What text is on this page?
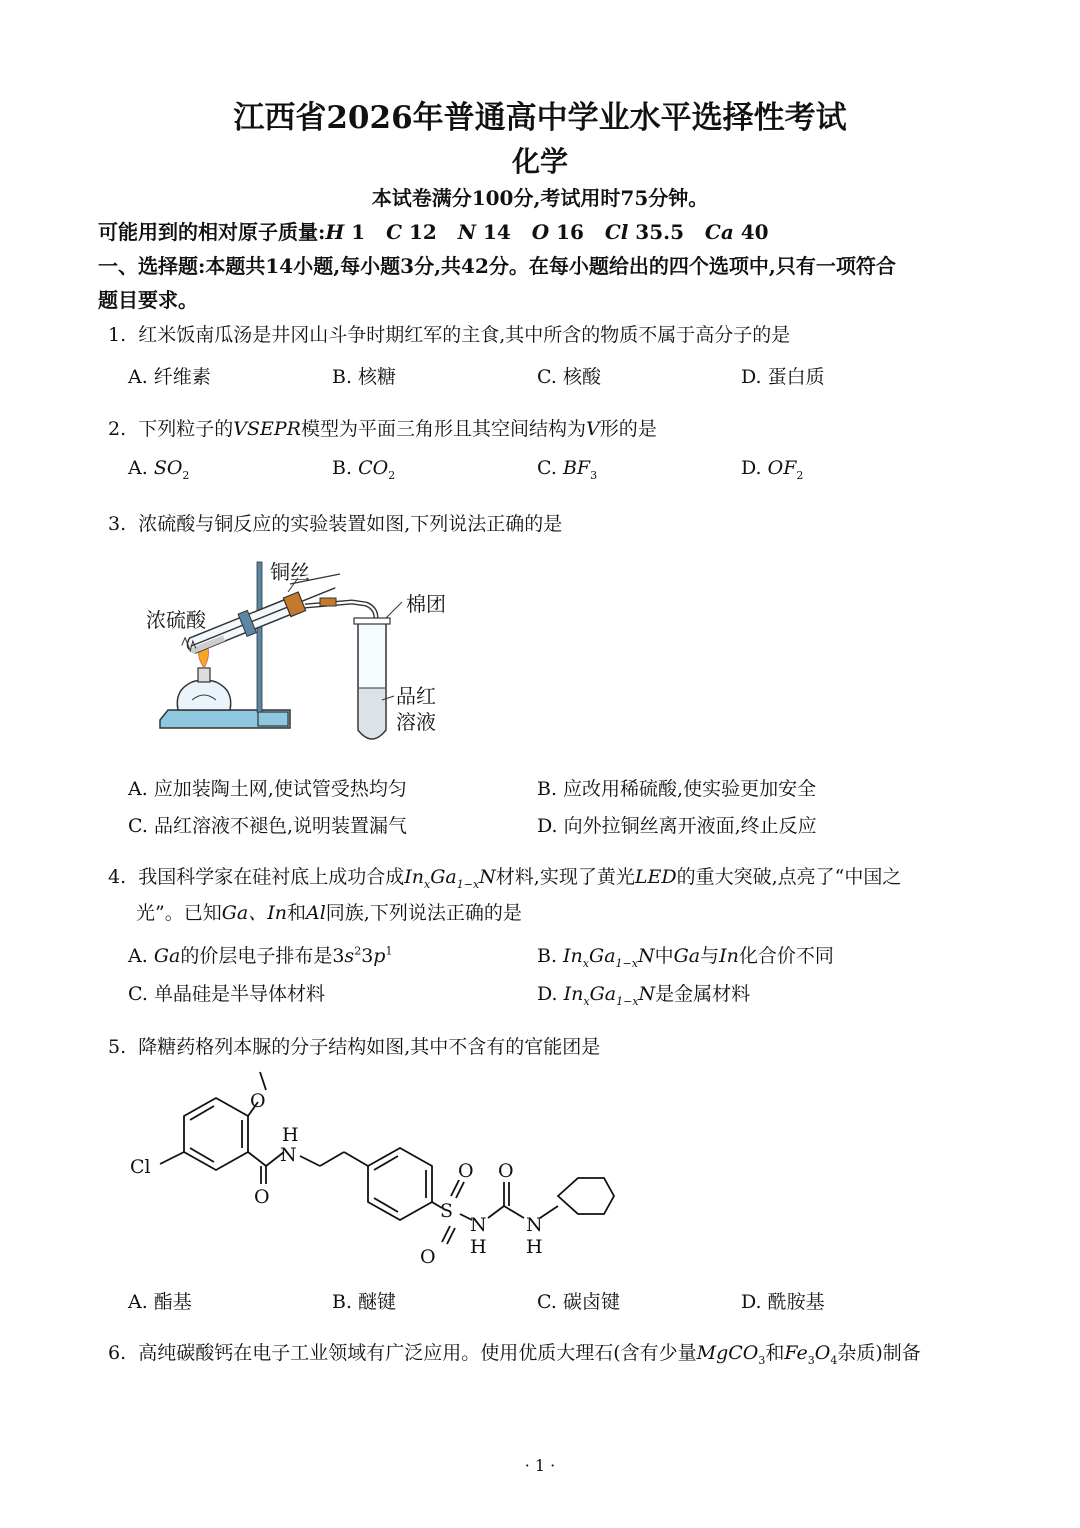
江西省2026年普通高中学业水平选择性考试
化学
本试卷满分100分,考试用时75分钟。
可能用到的相对原子质量:H 1 C 12 N 14 O 16 Cl 35.5 Ca 40
一、选择题:本题共14小题,每小题3分,共42分。在每小题给出的四个选项中,只有一项符合
题目要求。
1. 红米饭南瓜汤是井冈山斗争时期红军的主食,其中所含的物质不属于高分子的是
A. 纤维素	B. 核糖	C. 核酸	D. 蛋白质
2. 下列粒子的VSEPR模型为平面三角形且其空间结构为V形的是
A. $SO_2$	B. $CO_2$	C. $BF_3$	D. $OF_2$
3. 浓硫酸与铜反应的实验装置如图,下列说法正确的是
铜丝
浓硫酸
棉团
品红
溶液
A. 应加装陶土网,使试管受热均匀	B. 应改用稀硫酸,使实验更加安全
C. 品红溶液不褪色,说明装置漏气	D. 向外拉铜丝离开液面,终止反应
4. 我国科学家在硅衬底上成功合成$In_xGa_{1-x}N$材料,实现了黄光LED的重大突破,点亮了“中国之
光”。已知Ga、In和Al同族,下列说法正确的是
A. Ga的价层电子排布是$3s^23p^1$	B. $In_xGa_{1-x}N$中Ga与In化合价不同
C. 单晶硅是半导体材料	D. $In_xGa_{1-x}N$是金属材料
5. 降糖药格列本脲的分子结构如图,其中不含有的官能团是
Cl
O
O
H
N
S
O
O
N
H
O
N
H
A. 酯基	B. 醚键	C. 碳卤键	D. 酰胺基
6. 高纯碳酸钙在电子工业领域有广泛应用。使用优质大理石(含有少量MgCO$_3$和$Fe_3O_4$杂质)制备
· 1 ·
